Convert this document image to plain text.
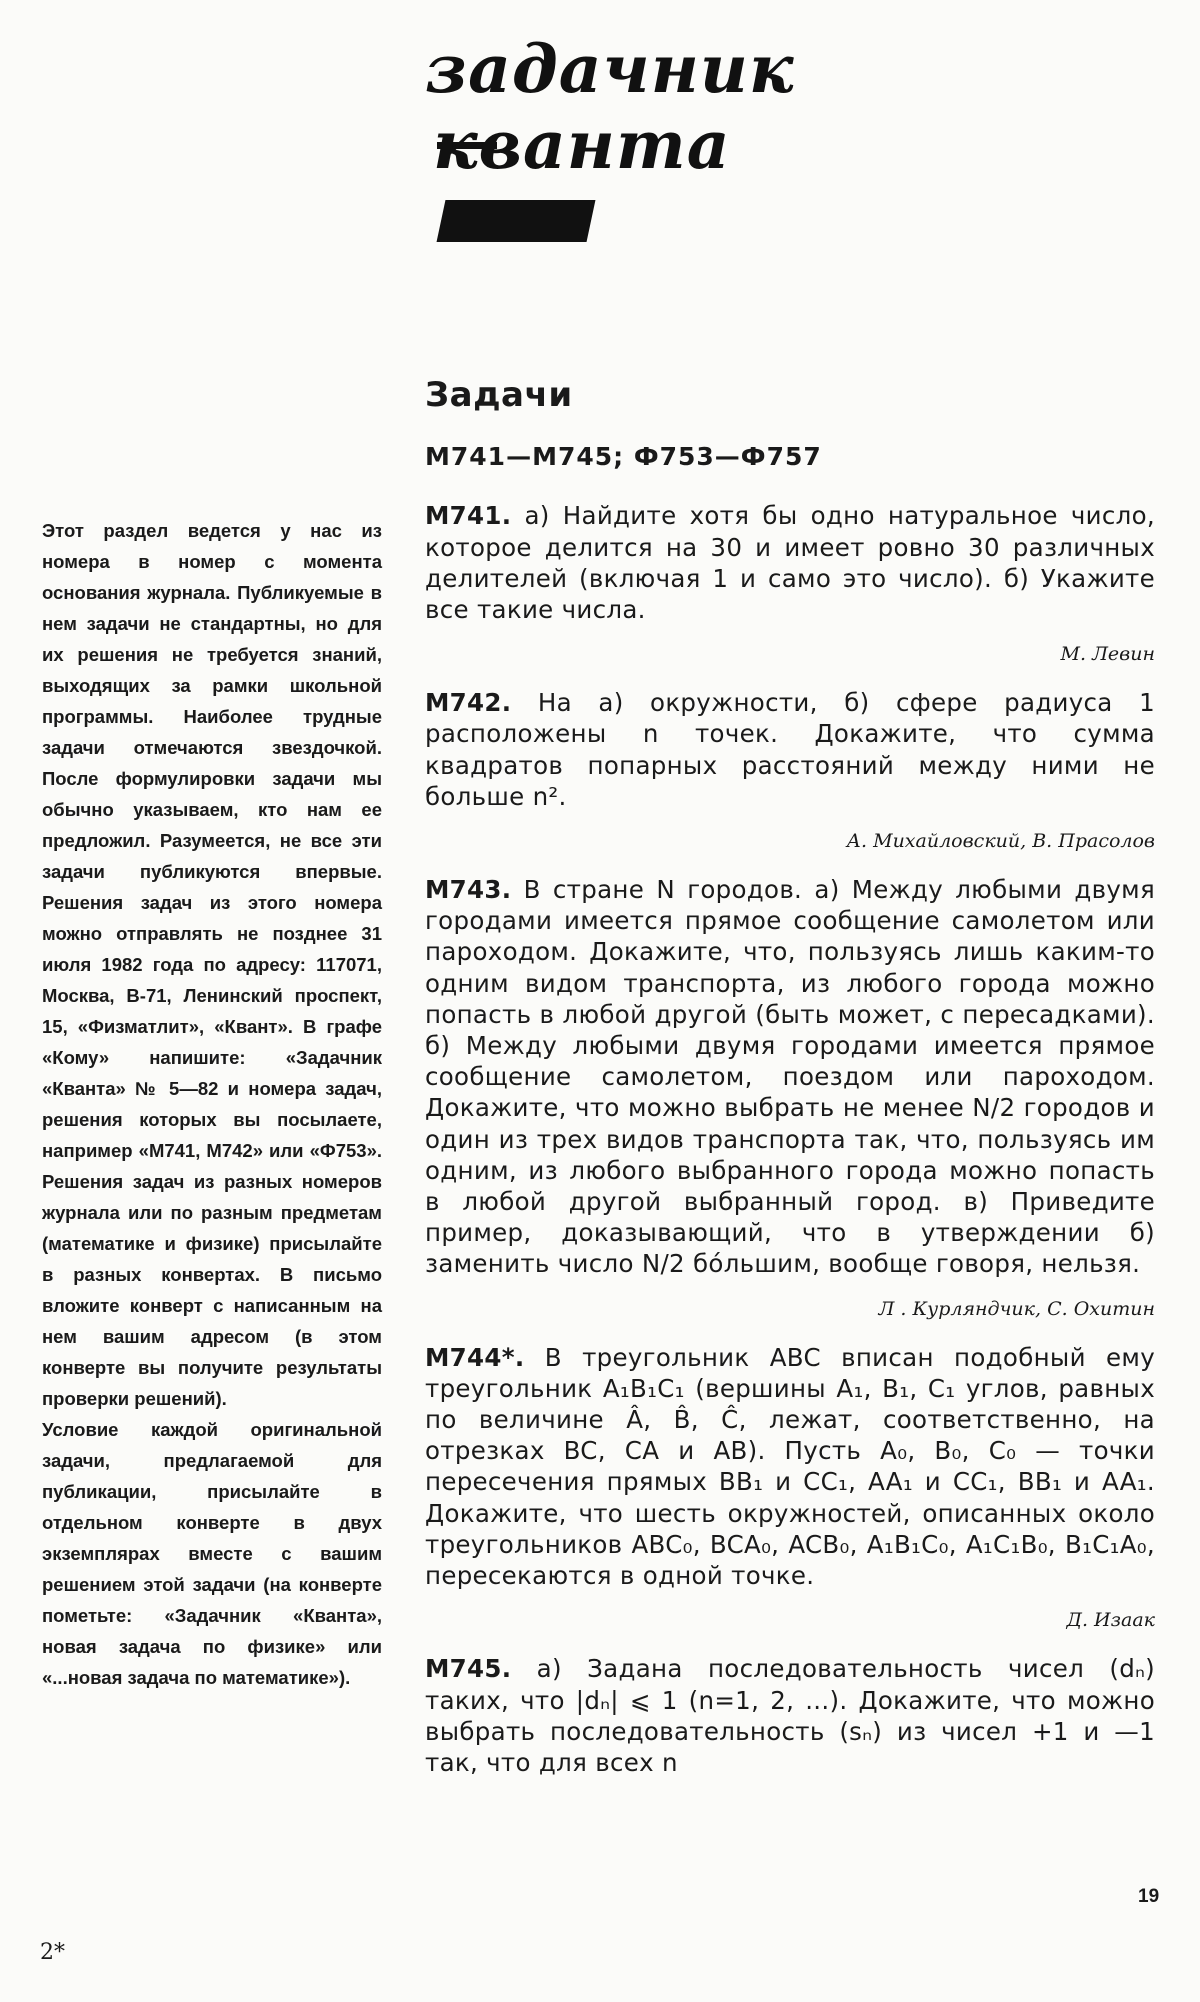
задачник
кванта

Этот раздел ведется у нас из номера в номер с момента основания журнала. Публикуемые в нем задачи не стандартны, но для их решения не требуется знаний, выходящих за рамки школьной программы. Наиболее трудные задачи отмечаются звездочкой. После формулировки задачи мы обычно указываем, кто нам ее предложил. Разумеется, не все эти задачи публикуются впервые. Решения задач из этого номера можно отправлять не позднее 31 июля 1982 года по адресу: 117071, Москва, В-71, Ленинский проспект, 15, «Физматлит», «Квант». В графе «Кому» напишите: «Задачник «Кванта» № 5—82 и номера задач, решения которых вы посылаете, например «М741, М742» или «Ф753». Решения задач из разных номеров журнала или по разным предметам (математике и физике) присылайте в разных конвертах. В письмо вложите конверт с написанным на нем вашим адресом (в этом конверте вы получите результаты проверки решений).

Условие каждой оригинальной задачи, предлагаемой для публикации, присылайте в отдельном конверте в двух экземплярах вместе с вашим решением этой задачи (на конверте пометьте: «Задачник «Кванта», новая задача по физике» или «...новая задача по математике»).

Задачи
М741—М745; Ф753—Ф757

М741. а) Найдите хотя бы одно натуральное число, которое делится на 30 и имеет ровно 30 различных делителей (включая 1 и само это число). б) Укажите все такие числа.

М. Левин

М742. На а) окружности, б) сфере радиуса 1 расположены n точек. Докажите, что сумма квадратов попарных расстояний между ними не больше n².

А. Михайловский, В. Прасолов

М743. В стране N городов. а) Между любыми двумя городами имеется прямое сообщение самолетом или пароходом. Докажите, что, пользуясь лишь каким-то одним видом транспорта, из любого города можно попасть в любой другой (быть может, с пересадками). б) Между любыми двумя городами имеется прямое сообщение самолетом, поездом или пароходом. Докажите, что можно выбрать не менее N/2 городов и один из трех видов транспорта так, что, пользуясь им одним, из любого выбранного города можно попасть в любой другой выбранный город. в) Приведите пример, доказывающий, что в утверждении б) заменить число N/2 бо́льшим, вообще говоря, нельзя.

Л . Курляндчик, С. Охитин

М744*. В треугольник ABC вписан подобный ему треугольник A₁B₁C₁ (вершины A₁, B₁, C₁ углов, равных по величине Â, B̂, Ĉ, лежат, соответственно, на отрезках BC, CA и AB). Пусть A₀, B₀, C₀ — точки пересечения прямых BB₁ и CC₁, AA₁ и CC₁, BB₁ и AA₁. Докажите, что шесть окружностей, описанных около треугольников ABC₀, BCA₀, ACB₀, A₁B₁C₀, A₁C₁B₀, B₁C₁A₀, пересекаются в одной точке.

Д. Изаак

М745. а) Задана последовательность чисел (dₙ) таких, что |dₙ| ⩽ 1 (n=1, 2, ...). Докажите, что можно выбрать последовательность (sₙ) из чисел +1 и —1 так, что для всех n

19
2*
